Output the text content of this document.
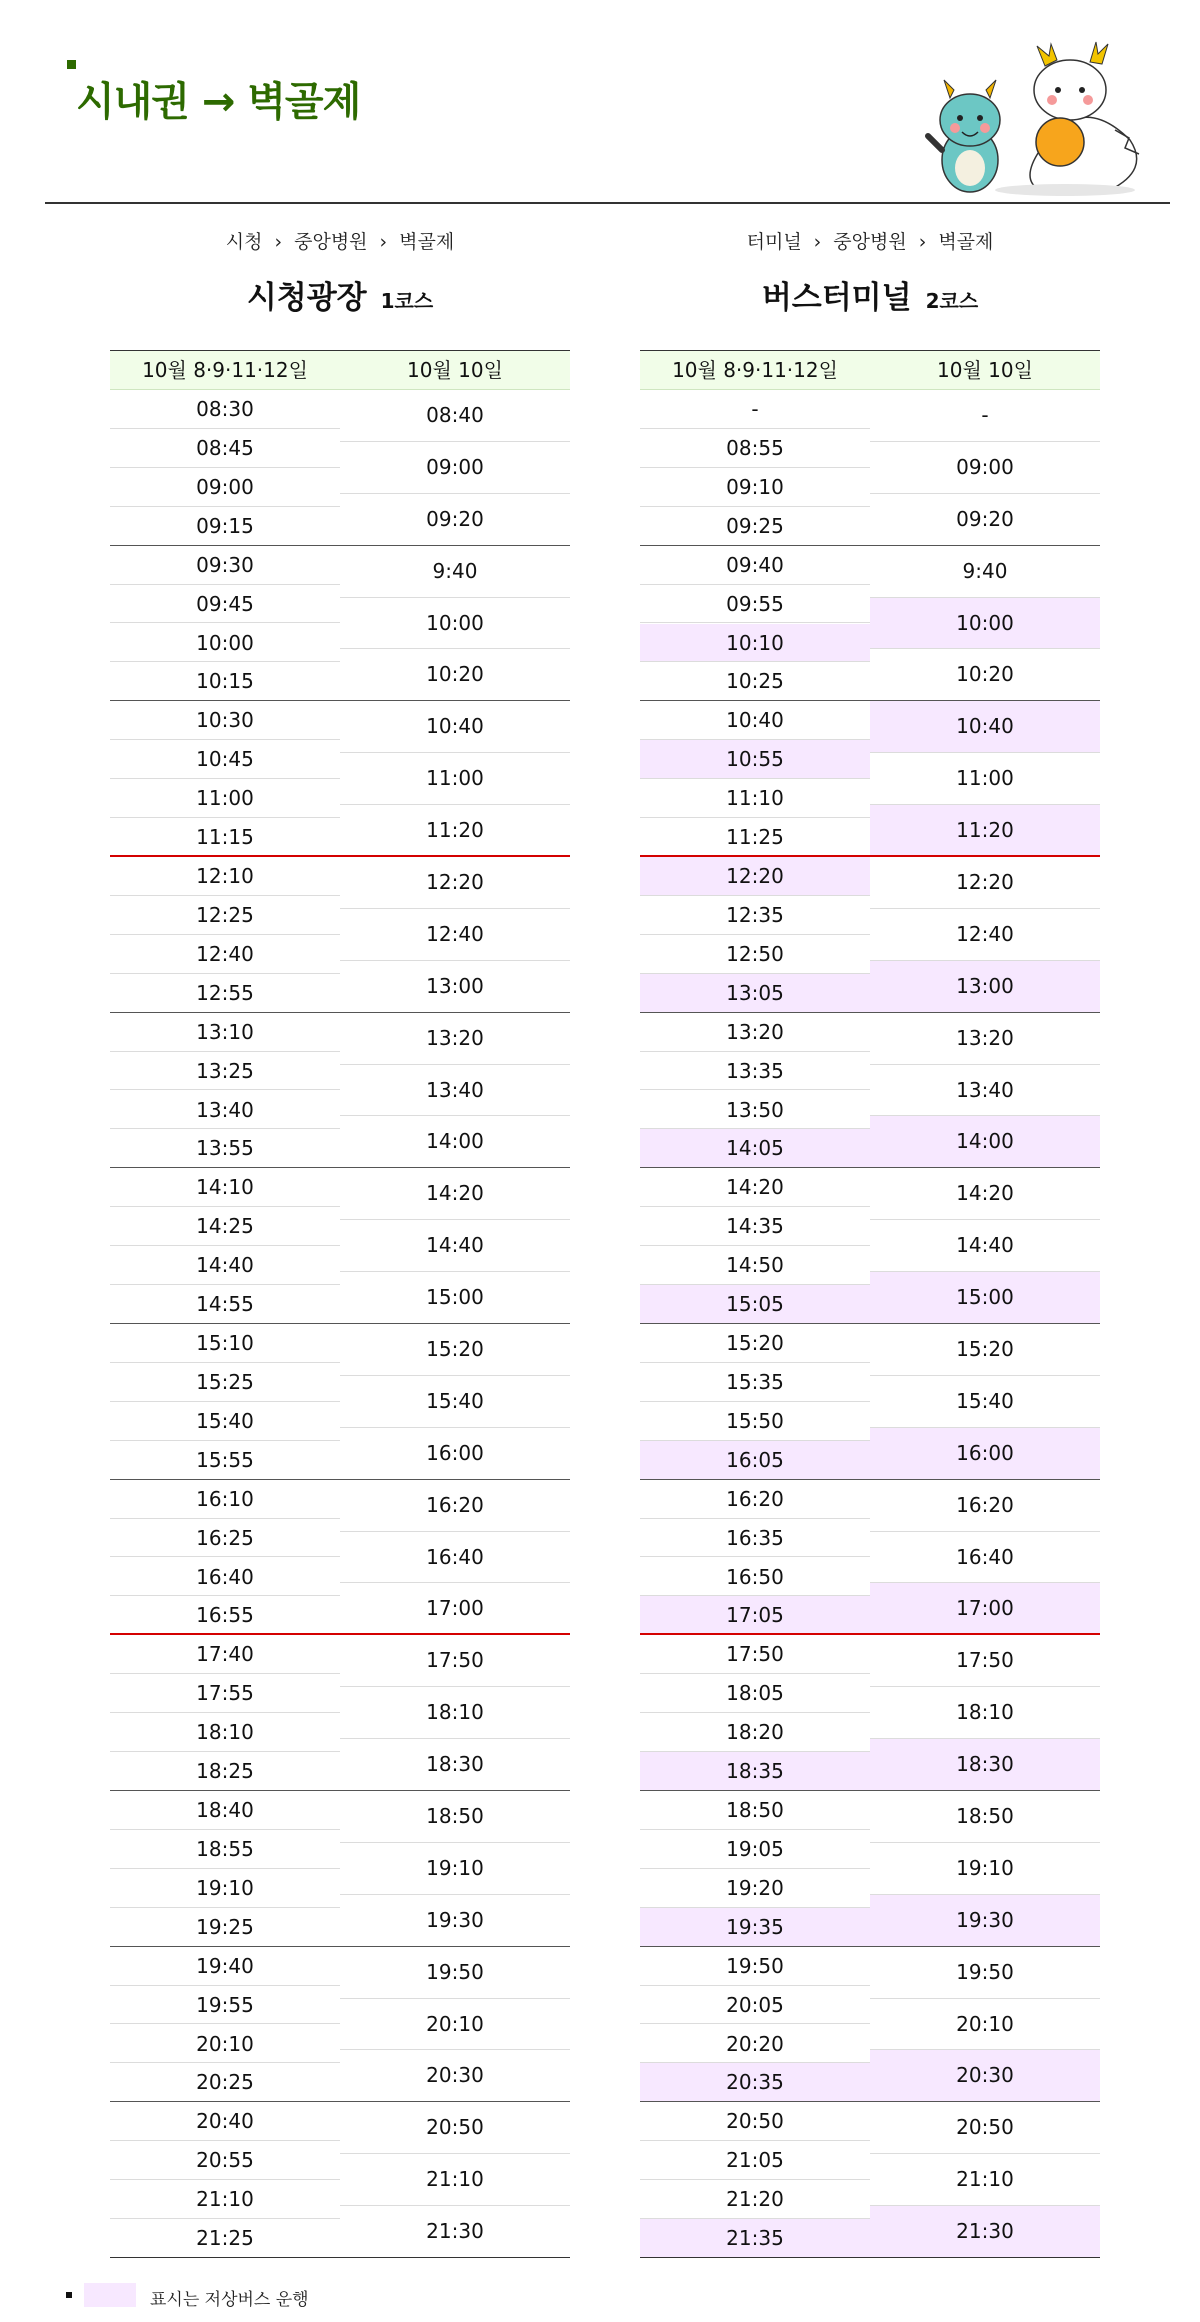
시내권 → 벽골제
시청 › 중앙병원 › 벽골제
시청광장 1코스
10월 8·9·11·12일
08:30
08:45
09:00
09:15
09:30
09:45
10:00
10:15
10:30
10:45
11:00
11:15
12:10
12:25
12:40
12:55
13:10
13:25
13:40
13:55
14:10
14:25
14:40
14:55
15:10
15:25
15:40
15:55
16:10
16:25
16:40
16:55
17:40
17:55
18:10
18:25
18:40
18:55
19:10
19:25
19:40
19:55
20:10
20:25
20:40
20:55
21:10
21:25
10월 10일
08:40
09:00
09:20
9:40
10:00
10:20
10:40
11:00
11:20
12:20
12:40
13:00
13:20
13:40
14:00
14:20
14:40
15:00
15:20
15:40
16:00
16:20
16:40
17:00
17:50
18:10
18:30
18:50
19:10
19:30
19:50
20:10
20:30
20:50
21:10
21:30
터미널 › 중앙병원 › 벽골제
버스터미널 2코스
10월 8·9·11·12일
-
08:55
09:10
09:25
09:40
09:55
10:10
10:25
10:40
10:55
11:10
11:25
12:20
12:35
12:50
13:05
13:20
13:35
13:50
14:05
14:20
14:35
14:50
15:05
15:20
15:35
15:50
16:05
16:20
16:35
16:50
17:05
17:50
18:05
18:20
18:35
18:50
19:05
19:20
19:35
19:50
20:05
20:20
20:35
20:50
21:05
21:20
21:35
10월 10일
-
09:00
09:20
9:40
10:00
10:20
10:40
11:00
11:20
12:20
12:40
13:00
13:20
13:40
14:00
14:20
14:40
15:00
15:20
15:40
16:00
16:20
16:40
17:00
17:50
18:10
18:30
18:50
19:10
19:30
19:50
20:10
20:30
20:50
21:10
21:30
표시는 저상버스 운행
